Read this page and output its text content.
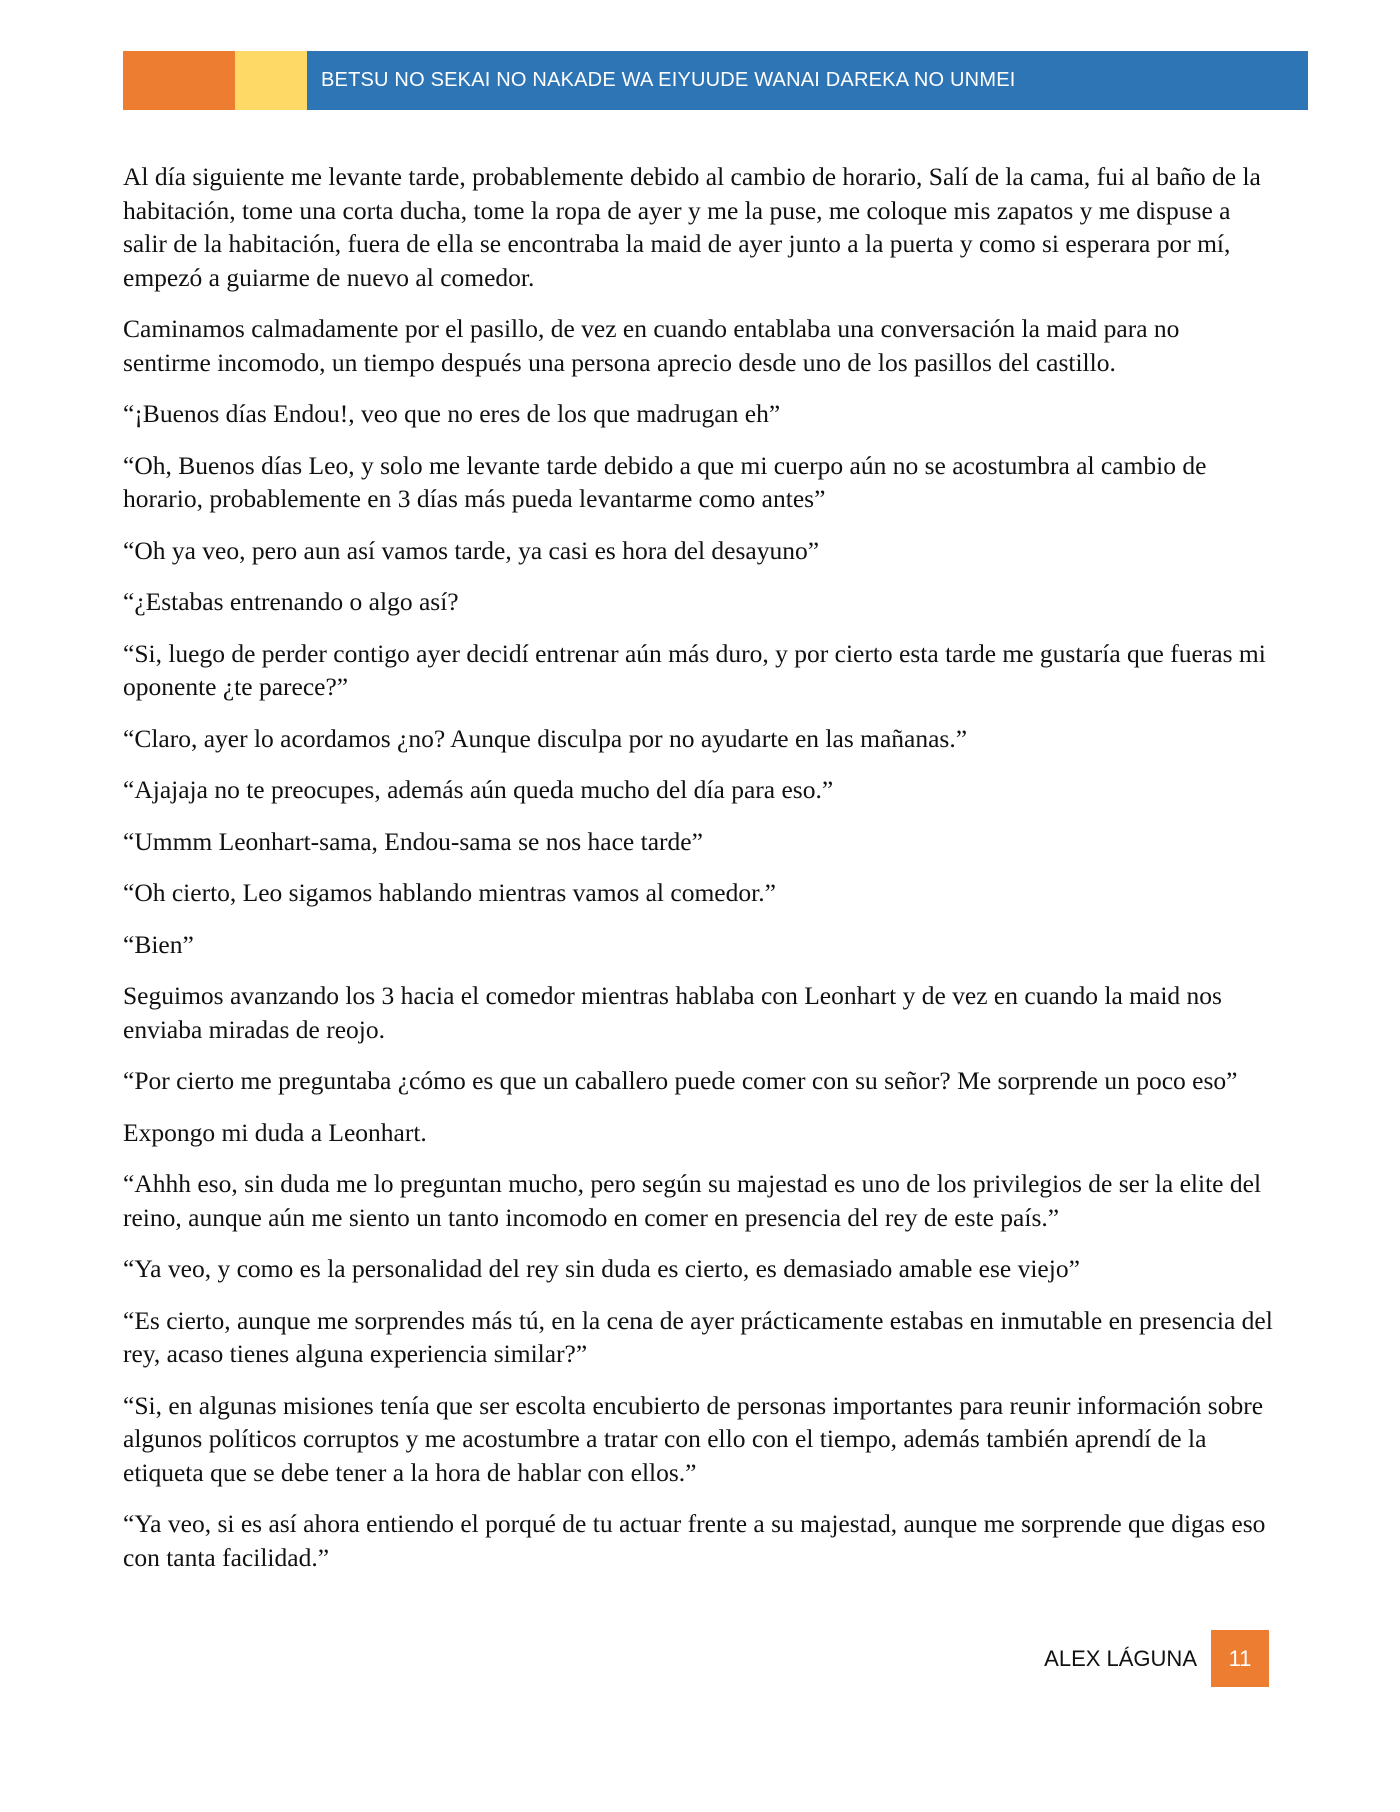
BETSU NO SEKAI NO NAKADE WA EIYUUDE WANAI DAREKA NO UNMEI

Al día siguiente me levante tarde, probablemente debido al cambio de horario, Salí de la cama, fui al baño de la habitación, tome una corta ducha, tome la ropa de ayer y me la puse, me coloque mis zapatos y me dispuse a salir de la habitación, fuera de ella se encontraba la maid de ayer junto a la puerta y como si esperara por mí, empezó a guiarme de nuevo al comedor.

Caminamos calmadamente por el pasillo, de vez en cuando entablaba una conversación la maid para no sentirme incomodo, un tiempo después una persona aprecio desde uno de los pasillos del castillo.

“¡Buenos días Endou!, veo que no eres de los que madrugan eh”

“Oh, Buenos días Leo, y solo me levante tarde debido a que mi cuerpo aún no se acostumbra al cambio de horario, probablemente en 3 días más pueda levantarme como antes”

“Oh ya veo, pero aun así vamos tarde, ya casi es hora del desayuno”

“¿Estabas entrenando o algo así?

“Si, luego de perder contigo ayer decidí entrenar aún más duro, y por cierto esta tarde me gustaría que fueras mi oponente ¿te parece?”

“Claro, ayer lo acordamos ¿no? Aunque disculpa por no ayudarte en las mañanas.”

“Ajajaja no te preocupes, además aún queda mucho del día para eso.”

“Ummm Leonhart-sama, Endou-sama se nos hace tarde”

“Oh cierto, Leo sigamos hablando mientras vamos al comedor.”

“Bien”

Seguimos avanzando los 3 hacia el comedor mientras hablaba con Leonhart y de vez en cuando la maid nos enviaba miradas de reojo.

“Por cierto me preguntaba ¿cómo es que un caballero puede comer con su señor? Me sorprende un poco eso”

Expongo mi duda a Leonhart.

“Ahhh eso, sin duda me lo preguntan mucho, pero según su majestad es uno de los privilegios de ser la elite del reino, aunque aún me siento un tanto incomodo en comer en presencia del rey de este país.”

“Ya veo, y como es la personalidad del rey sin duda es cierto, es demasiado amable ese viejo”

“Es cierto, aunque me sorprendes más tú, en la cena de ayer prácticamente estabas en inmutable en presencia del rey, acaso tienes alguna experiencia similar?”

“Si, en algunas misiones tenía que ser escolta encubierto de personas importantes para reunir información sobre algunos políticos corruptos y me acostumbre a tratar con ello con el tiempo, además también aprendí de la etiqueta que se debe tener a la hora de hablar con ellos.”

“Ya veo, si es así ahora entiendo el porqué de tu actuar frente a su majestad, aunque me sorprende que digas eso con tanta facilidad.”

ALEX LÁGUNA	11
